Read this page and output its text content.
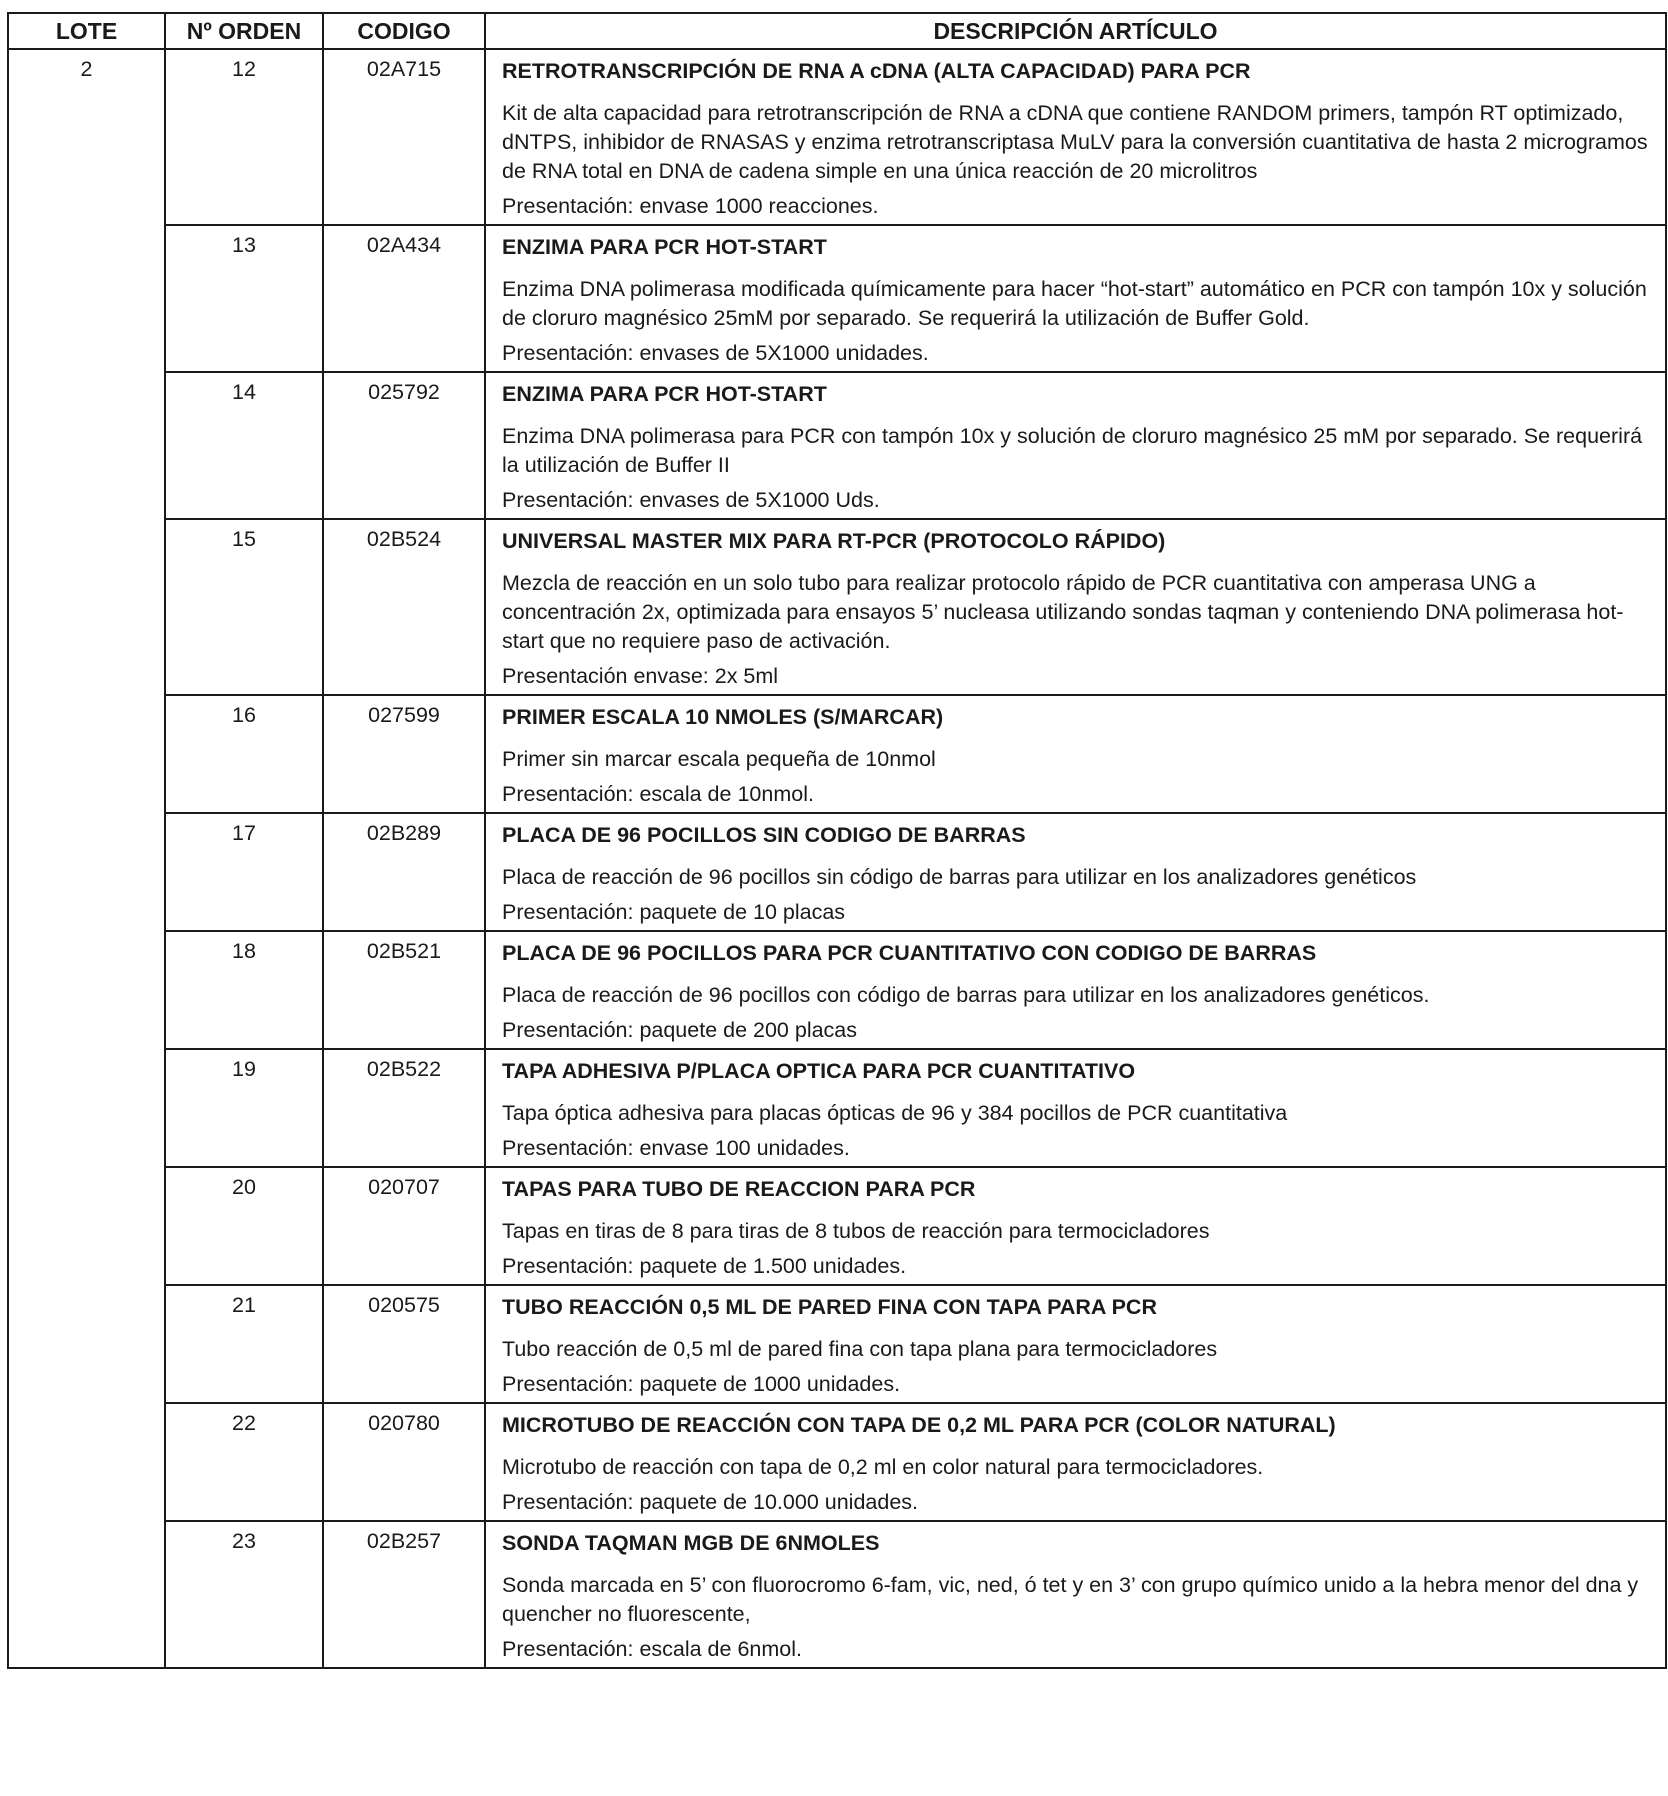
LOTE	Nº ORDEN	CODIGO	DESCRIPCIÓN ARTÍCULO
2	12	02A715	RETROTRANSCRIPCIÓN DE RNA A cDNA (ALTA CAPACIDAD) PARA PCR
Kit de alta capacidad para retrotranscripción de RNA a cDNA que contiene RANDOM primers, tampón RT optimizado, dNTPS, inhibidor de RNASAS y enzima retrotranscriptasa MuLV para la conversión cuantitativa de hasta 2 microgramos de RNA total en DNA de cadena simple en una única reacción de 20 microlitros
Presentación: envase 1000 reacciones.

	13	02A434	ENZIMA PARA PCR HOT-START
Enzima DNA polimerasa modificada químicamente para hacer “hot-start” automático en PCR con tampón 10x y solución de cloruro magnésico 25mM por separado. Se requerirá la utilización de Buffer Gold.
Presentación: envases de 5X1000 unidades.

	14	025792	ENZIMA PARA PCR HOT-START
Enzima DNA polimerasa para PCR con tampón 10x y solución de cloruro magnésico 25 mM por separado. Se requerirá la utilización de Buffer II
Presentación: envases de 5X1000 Uds.

	15	02B524	UNIVERSAL MASTER MIX PARA RT-PCR (PROTOCOLO RÁPIDO)
Mezcla de reacción en un solo tubo para realizar protocolo rápido de PCR cuantitativa con amperasa UNG a concentración 2x, optimizada para ensayos 5’ nucleasa utilizando sondas taqman y conteniendo DNA polimerasa hot-start que no requiere paso de activación.
Presentación envase: 2x 5ml

	16	027599	PRIMER ESCALA 10 NMOLES (S/MARCAR)
Primer sin marcar escala pequeña de 10nmol
Presentación: escala de 10nmol.

	17	02B289	PLACA DE 96 POCILLOS SIN CODIGO DE BARRAS
Placa de reacción de 96 pocillos sin código de barras para utilizar en los analizadores genéticos
Presentación: paquete de 10 placas

	18	02B521	PLACA DE 96 POCILLOS PARA PCR CUANTITATIVO CON CODIGO DE BARRAS
Placa de reacción de 96 pocillos con código de barras para utilizar en los analizadores genéticos.
Presentación: paquete de 200 placas

	19	02B522	TAPA ADHESIVA P/PLACA OPTICA PARA PCR CUANTITATIVO
Tapa óptica adhesiva para placas ópticas de 96 y 384 pocillos de PCR cuantitativa
Presentación: envase 100 unidades.

	20	020707	TAPAS PARA TUBO DE REACCION PARA PCR
Tapas en tiras de 8 para tiras de 8 tubos de reacción para termocicladores
Presentación: paquete de 1.500 unidades.

	21	020575	TUBO REACCIÓN 0,5 ML DE PARED FINA CON TAPA PARA PCR
Tubo reacción de 0,5 ml de pared fina con tapa plana para termocicladores
Presentación: paquete de 1000 unidades.

	22	020780	MICROTUBO DE REACCIÓN CON TAPA DE 0,2 ML PARA PCR (COLOR NATURAL)
Microtubo de reacción con tapa de 0,2 ml en color natural para termocicladores.
Presentación: paquete de 10.000 unidades.

	23	02B257	SONDA TAQMAN MGB DE 6NMOLES
Sonda marcada en 5’ con fluorocromo 6-fam, vic, ned, ó tet y en 3’ con grupo químico unido a la hebra menor del dna y quencher no fluorescente,
Presentación: escala de 6nmol.
